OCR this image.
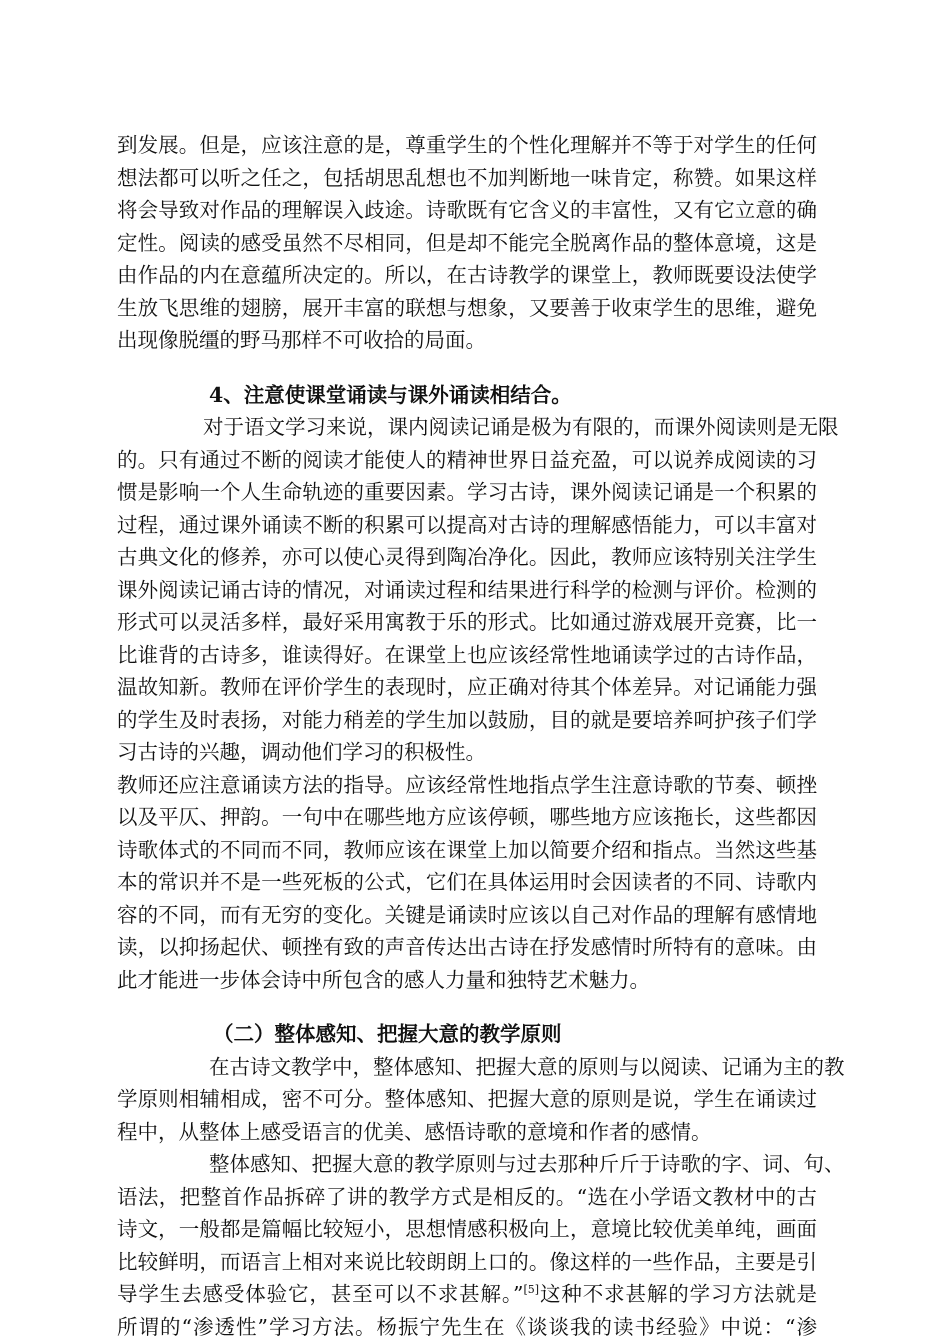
到发展。但是，应该注意的是，尊重学生的个性化理解并不等于对学生的任何
想法都可以听之任之，包括胡思乱想也不加判断地一味肯定，称赞。如果这样
将会导致对作品的理解误入歧途。诗歌既有它含义的丰富性，又有它立意的确
定性。阅读的感受虽然不尽相同，但是却不能完全脱离作品的整体意境，这是
由作品的内在意蕴所决定的。所以，在古诗教学的课堂上，教师既要设法使学
生放飞思维的翅膀，展开丰富的联想与想象，又要善于收束学生的思维，避免
出现像脱缰的野马那样不可收拾的局面。
4、注意使课堂诵读与课外诵读相结合。
对于语文学习来说，课内阅读记诵是极为有限的，而课外阅读则是无限
的。只有通过不断的阅读才能使人的精神世界日益充盈，可以说养成阅读的习
惯是影响一个人生命轨迹的重要因素。学习古诗，课外阅读记诵是一个积累的
过程，通过课外诵读不断的积累可以提高对古诗的理解感悟能力，可以丰富对
古典文化的修养，亦可以使心灵得到陶冶净化。因此，教师应该特别关注学生
课外阅读记诵古诗的情况，对诵读过程和结果进行科学的检测与评价。检测的
形式可以灵活多样，最好采用寓教于乐的形式。比如通过游戏展开竞赛，比一
比谁背的古诗多，谁读得好。在课堂上也应该经常性地诵读学过的古诗作品，
温故知新。教师在评价学生的表现时，应正确对待其个体差异。对记诵能力强
的学生及时表扬，对能力稍差的学生加以鼓励，目的就是要培养呵护孩子们学
习古诗的兴趣，调动他们学习的积极性。
教师还应注意诵读方法的指导。应该经常性地指点学生注意诗歌的节奏、顿挫
以及平仄、押韵。一句中在哪些地方应该停顿，哪些地方应该拖长，这些都因
诗歌体式的不同而不同，教师应该在课堂上加以简要介绍和指点。当然这些基
本的常识并不是一些死板的公式，它们在具体运用时会因读者的不同、诗歌内
容的不同，而有无穷的变化。关键是诵读时应该以自己对作品的理解有感情地
读，以抑扬起伏、顿挫有致的声音传达出古诗在抒发感情时所特有的意味。由
此才能进一步体会诗中所包含的感人力量和独特艺术魅力。
（二）整体感知、把握大意的教学原则
在古诗文教学中，整体感知、把握大意的原则与以阅读、记诵为主的教
学原则相辅相成，密不可分。整体感知、把握大意的原则是说，学生在诵读过
程中，从整体上感受语言的优美、感悟诗歌的意境和作者的感情。
整体感知、把握大意的教学原则与过去那种斤斤于诗歌的字、词、句、
语法，把整首作品拆碎了讲的教学方式是相反的。“选在小学语文教材中的古
诗文，一般都是篇幅比较短小，思想情感积极向上，意境比较优美单纯，画面
比较鲜明，而语言上相对来说比较朗朗上口的。像这样的一些作品，主要是引
导学生去感受体验它，甚至可以不求甚解。”[5]这种不求甚解的学习方法就是
所谓的“渗透性”学习方法。杨振宁先生在《谈谈我的读书经验》中说：“渗
